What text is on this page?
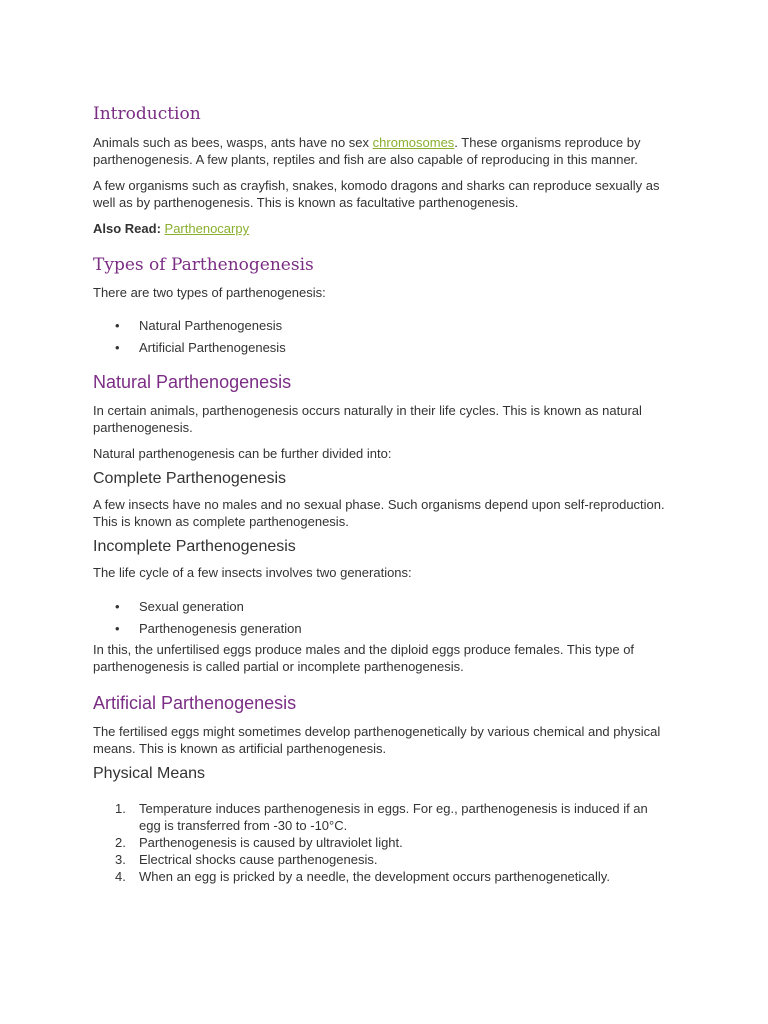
Introduction

Animals such as bees, wasps, ants have no sex chromosomes. These organisms reproduce by parthenogenesis. A few plants, reptiles and fish are also capable of reproducing in this manner.

A few organisms such as crayfish, snakes, komodo dragons and sharks can reproduce sexually as well as by parthenogenesis. This is known as facultative parthenogenesis.

Also Read: Parthenocarpy

Types of Parthenogenesis

There are two types of parthenogenesis:

• Natural Parthenogenesis
• Artificial Parthenogenesis
Natural Parthenogenesis

In certain animals, parthenogenesis occurs naturally in their life cycles. This is known as natural parthenogenesis.

Natural parthenogenesis can be further divided into:

Complete Parthenogenesis

A few insects have no males and no sexual phase. Such organisms depend upon self-reproduction. This is known as complete parthenogenesis.

Incomplete Parthenogenesis

The life cycle of a few insects involves two generations:

• Sexual generation
• Parthenogenesis generation

In this, the unfertilised eggs produce males and the diploid eggs produce females. This type of parthenogenesis is called partial or incomplete parthenogenesis.

Artificial Parthenogenesis

The fertilised eggs might sometimes develop parthenogenetically by various chemical and physical means. This is known as artificial parthenogenesis.

Physical Means
1. Temperature induces parthenogenesis in eggs. For eg., parthenogenesis is induced if an egg is transferred from -30 to -10°C.
2. Parthenogenesis is caused by ultraviolet light.
3. Electrical shocks cause parthenogenesis.
4. When an egg is pricked by a needle, the development occurs parthenogenetically.
